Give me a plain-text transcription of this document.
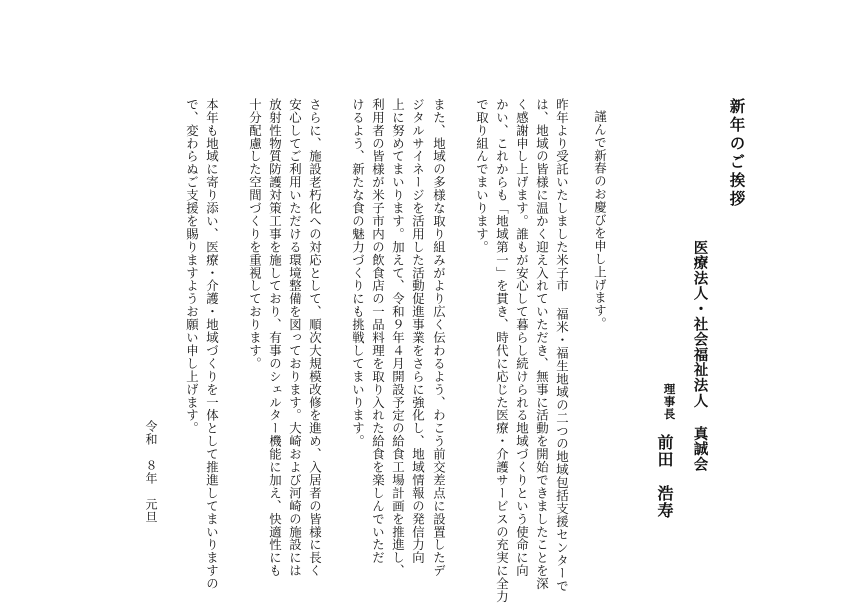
新年のご挨拶
医療法人・社会福祉法人 真誠会
理事長
前田　浩寿
謹んで新春のお慶びを申し上げます。
昨年より受託いたしました米子市 福米・福生地域の二つの地域包括支援センターで
は、地域の皆様に温かく迎え入れていただき、無事に活動を開始できましたことを深
く感謝申し上げます。誰もが安心して暮らし続けられる地域づくりという使命に向
かい、これからも「地域第一」を貫き、時代に応じた医療・介護サービスの充実に全力
で取り組んでまいります。
また、地域の多様な取り組みがより広く伝わるよう、わこう前交差点に設置したデ
ジタルサイネージを活用した活動促進事業をさらに強化し、地域情報の発信力向
上に努めてまいります。加えて、令和９年４月開設予定の給食工場計画を推進し、
利用者の皆様が米子市内の飲食店の一品料理を取り入れた給食を楽しんでいただ
けるよう、新たな食の魅力づくりにも挑戦してまいります。
さらに、施設老朽化への対応として、順次大規模改修を進め、入居者の皆様に長く
安心してご利用いただける環境整備を図っております。大崎および河崎の施設には
放射性物質防護対策工事を施しており、有事のシェルター機能に加え、快適性にも
十分配慮した空間づくりを重視しております。
本年も地域に寄り添い、医療・介護・地域づくりを一体として推進してまいりますの
で、変わらぬご支援を賜りますようお願い申し上げます。
令和　８年　元旦
